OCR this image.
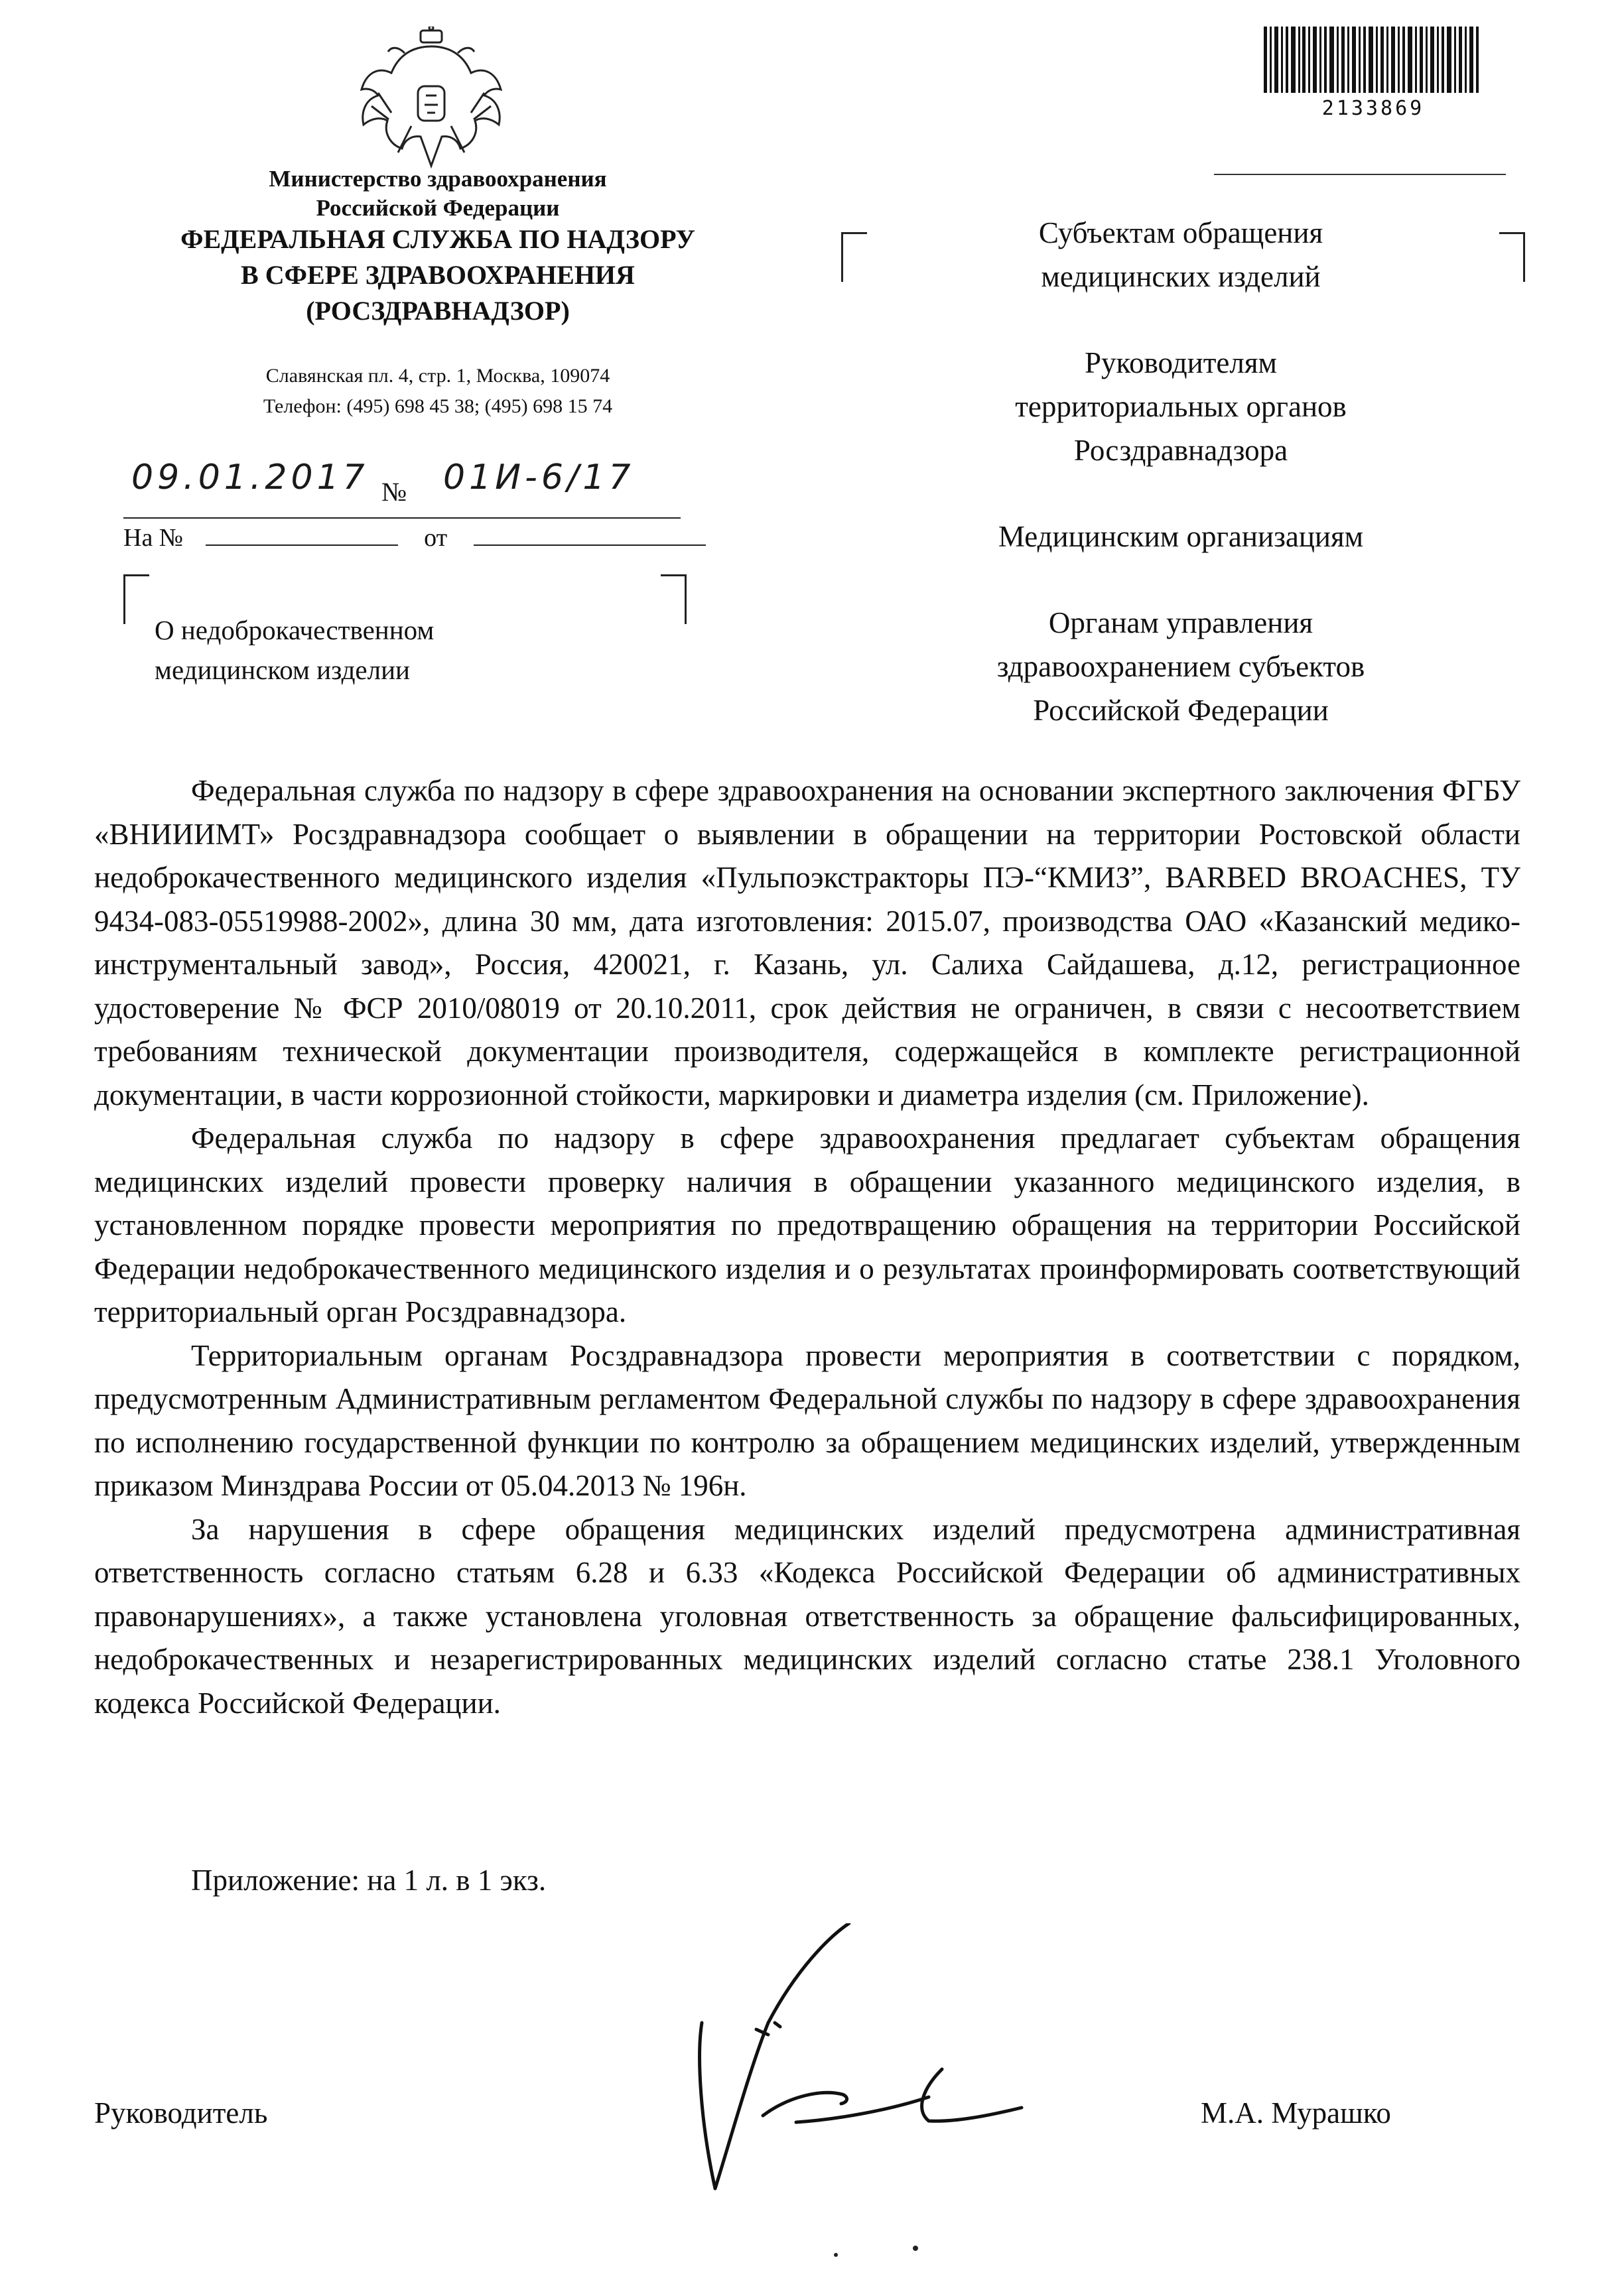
Министерство здравоохранения
Российской Федерации
ФЕДЕРАЛЬНАЯ СЛУЖБА ПО НАДЗОРУ
В СФЕРЕ ЗДРАВООХРАНЕНИЯ
(РОСЗДРАВНАДЗОР)
Славянская пл. 4, стр. 1, Москва, 109074
Телефон: (495) 698 45 38; (495) 698 15 74
09.01.2017 № 01И-6/17
На №	от
О недоброкачественном
медицинском изделии
2133869
Субъектам обращения
медицинских изделий
Руководителям
территориальных органов
Росздравнадзора
Медицинским организациям
Органам управления
здравоохранением субъектов
Российской Федерации

Федеральная служба по надзору в сфере здравоохранения на основании экспертного заключения ФГБУ «ВНИИИМТ» Росздравнадзора сообщает о выявлении в обращении на территории Ростовской области недоброкачественного медицинского изделия «Пульпоэкстракторы ПЭ-“КМИЗ”, BARBED BROACHES, ТУ 9434-083-05519988-2002», длина 30 мм, дата изготовления: 2015.07, производства ОАО «Казанский медико-инструментальный завод», Россия, 420021, г. Казань, ул. Салиха Сайдашева, д.12, регистрационное удостоверение № ФСР 2010/08019 от 20.10.2011, срок действия не ограничен, в связи с несоответствием требованиям технической документации производителя, содержащейся в комплекте регистрационной документации, в части коррозионной стойкости, маркировки и диаметра изделия (см. Приложение).

Федеральная служба по надзору в сфере здравоохранения предлагает субъектам обращения медицинских изделий провести проверку наличия в обращении указанного медицинского изделия, в установленном порядке провести мероприятия по предотвращению обращения на территории Российской Федерации недоброкачественного медицинского изделия и о результатах проинформировать соответствующий территориальный орган Росздравнадзора.

Территориальным органам Росздравнадзора провести мероприятия в соответствии с порядком, предусмотренным Административным регламентом Федеральной службы по надзору в сфере здравоохранения по исполнению государственной функции по контролю за обращением медицинских изделий, утвержденным приказом Минздрава России от 05.04.2013 № 196н.

За нарушения в сфере обращения медицинских изделий предусмотрена административная ответственность согласно статьям 6.28 и 6.33 «Кодекса Российской Федерации об административных правонарушениях», а также установлена уголовная ответственность за обращение фальсифицированных, недоброкачественных и незарегистрированных медицинских изделий согласно статье 238.1 Уголовного кодекса Российской Федерации.

Приложение: на 1 л. в 1 экз.
Руководитель	М.А. Мурашко
